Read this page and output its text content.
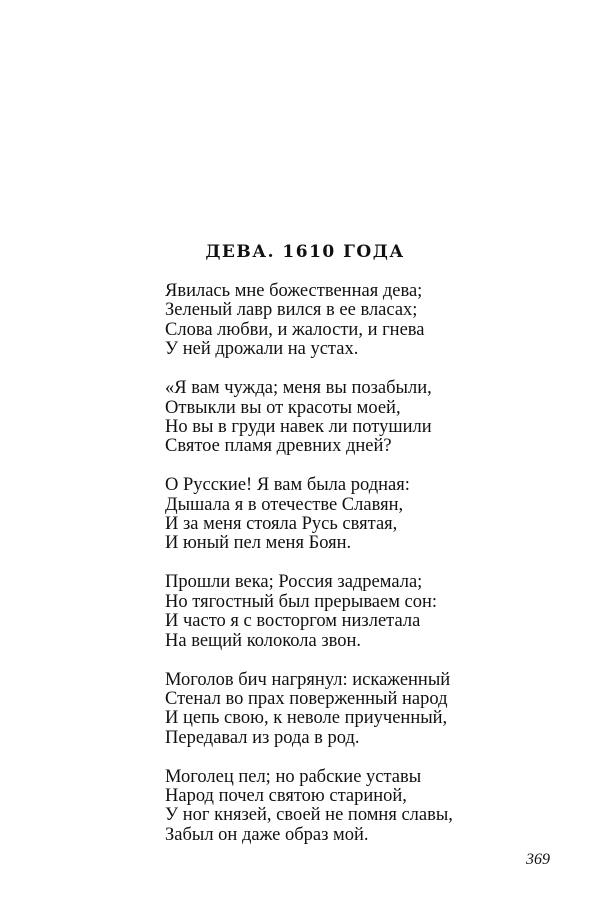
ДЕВА. 1610 ГОДА
Явилась мне божественная дева;
Зеленый лавр вился в ее власах;
Слова любви, и жалости, и гнева
У ней дрожали на устах.
«Я вам чужда; меня вы позабыли,
Отвыкли вы от красоты моей,
Но вы в груди навек ли потушили
Святое пламя древних дней?
О Русские! Я вам была родная:
Дышала я в отечестве Славян,
И за меня стояла Русь святая,
И юный пел меня Боян.
Прошли века; Россия задремала;
Но тягостный был прерываем сон:
И часто я с восторгом низлетала
На вещий колокола звон.
Моголов бич нагрянул: искаженный
Стенал во прах поверженный народ
И цепь свою, к неволе приученный,
Передавал из рода в род.
Моголец пел; но рабские уставы
Народ почел святою стариной,
У ног князей, своей не помня славы,
Забыл он даже образ мой.
369
